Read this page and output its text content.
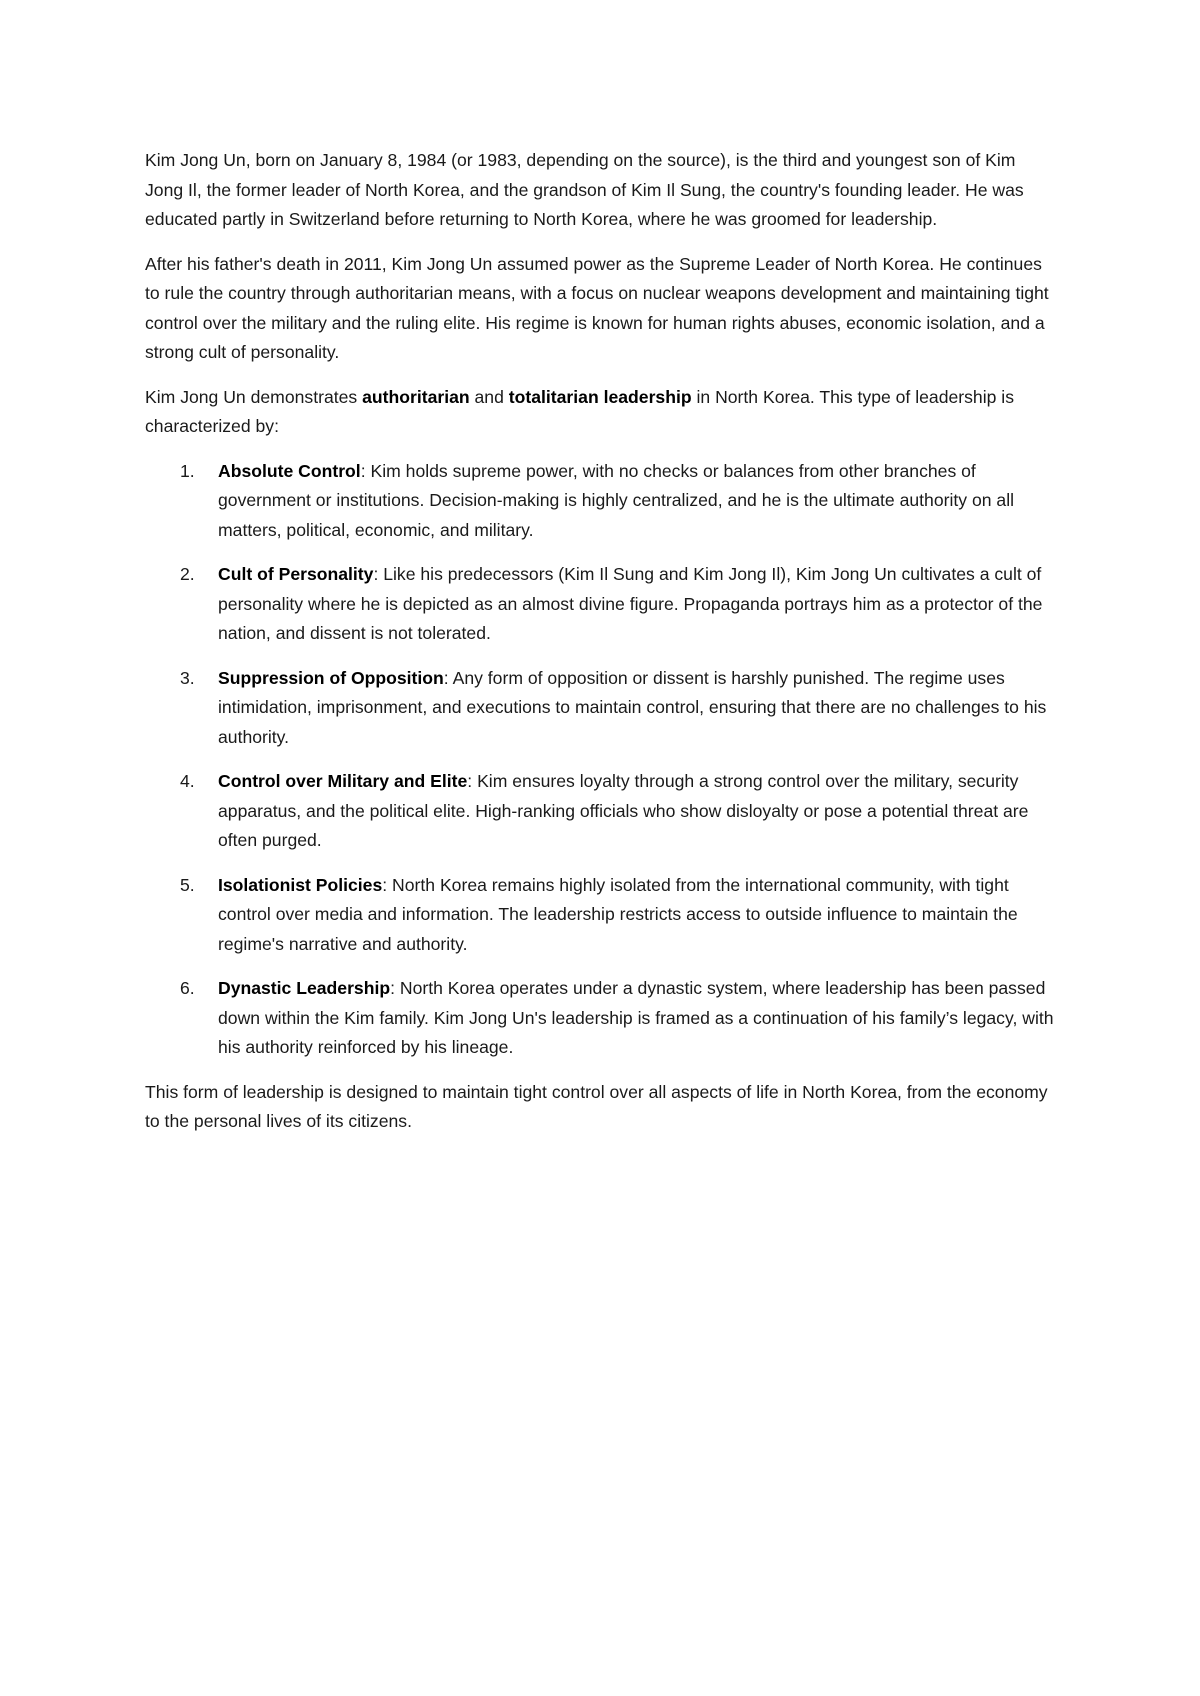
Kim Jong Un, born on January 8, 1984 (or 1983, depending on the source), is the third and youngest son of Kim Jong Il, the former leader of North Korea, and the grandson of Kim Il Sung, the country's founding leader. He was educated partly in Switzerland before returning to North Korea, where he was groomed for leadership.

After his father's death in 2011, Kim Jong Un assumed power as the Supreme Leader of North Korea. He continues to rule the country through authoritarian means, with a focus on nuclear weapons development and maintaining tight control over the military and the ruling elite. His regime is known for human rights abuses, economic isolation, and a strong cult of personality.

Kim Jong Un demonstrates authoritarian and totalitarian leadership in North Korea. This type of leadership is characterized by:

1. Absolute Control: Kim holds supreme power, with no checks or balances from other branches of government or institutions. Decision-making is highly centralized, and he is the ultimate authority on all matters, political, economic, and military.
2. Cult of Personality: Like his predecessors (Kim Il Sung and Kim Jong Il), Kim Jong Un cultivates a cult of personality where he is depicted as an almost divine figure. Propaganda portrays him as a protector of the nation, and dissent is not tolerated.
3. Suppression of Opposition: Any form of opposition or dissent is harshly punished. The regime uses intimidation, imprisonment, and executions to maintain control, ensuring that there are no challenges to his authority.
4. Control over Military and Elite: Kim ensures loyalty through a strong control over the military, security apparatus, and the political elite. High-ranking officials who show disloyalty or pose a potential threat are often purged.
5. Isolationist Policies: North Korea remains highly isolated from the international community, with tight control over media and information. The leadership restricts access to outside influence to maintain the regime's narrative and authority.
6. Dynastic Leadership: North Korea operates under a dynastic system, where leadership has been passed down within the Kim family. Kim Jong Un's leadership is framed as a continuation of his family’s legacy, with his authority reinforced by his lineage.

This form of leadership is designed to maintain tight control over all aspects of life in North Korea, from the economy to the personal lives of its citizens.
